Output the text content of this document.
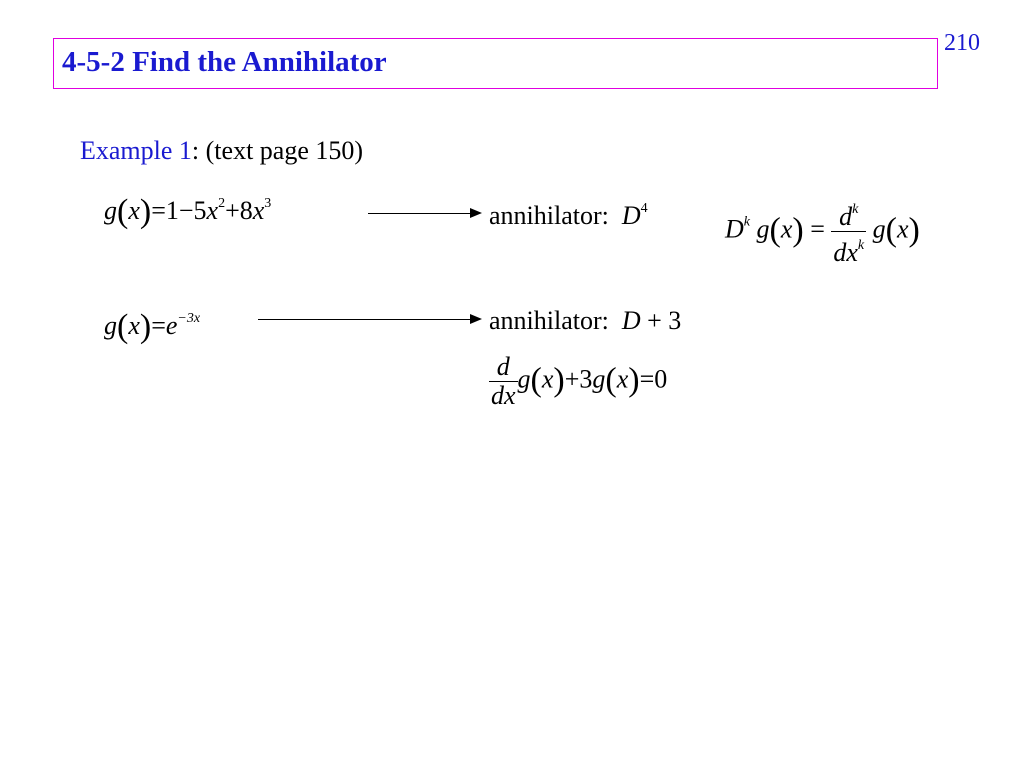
4-5-2 Find the Annihilator
210
Example 1: (text page 150)
$g(x)=1-5x^2+8x^3$	annihilator: $D^4$
$D^k$ $g(x) = \frac{d^k}{dx^k} g(x)$
$g(x)=e^{-3x}$	annihilator: D + 3
$\frac{d}{dx} g(x)+3g(x)=0$
